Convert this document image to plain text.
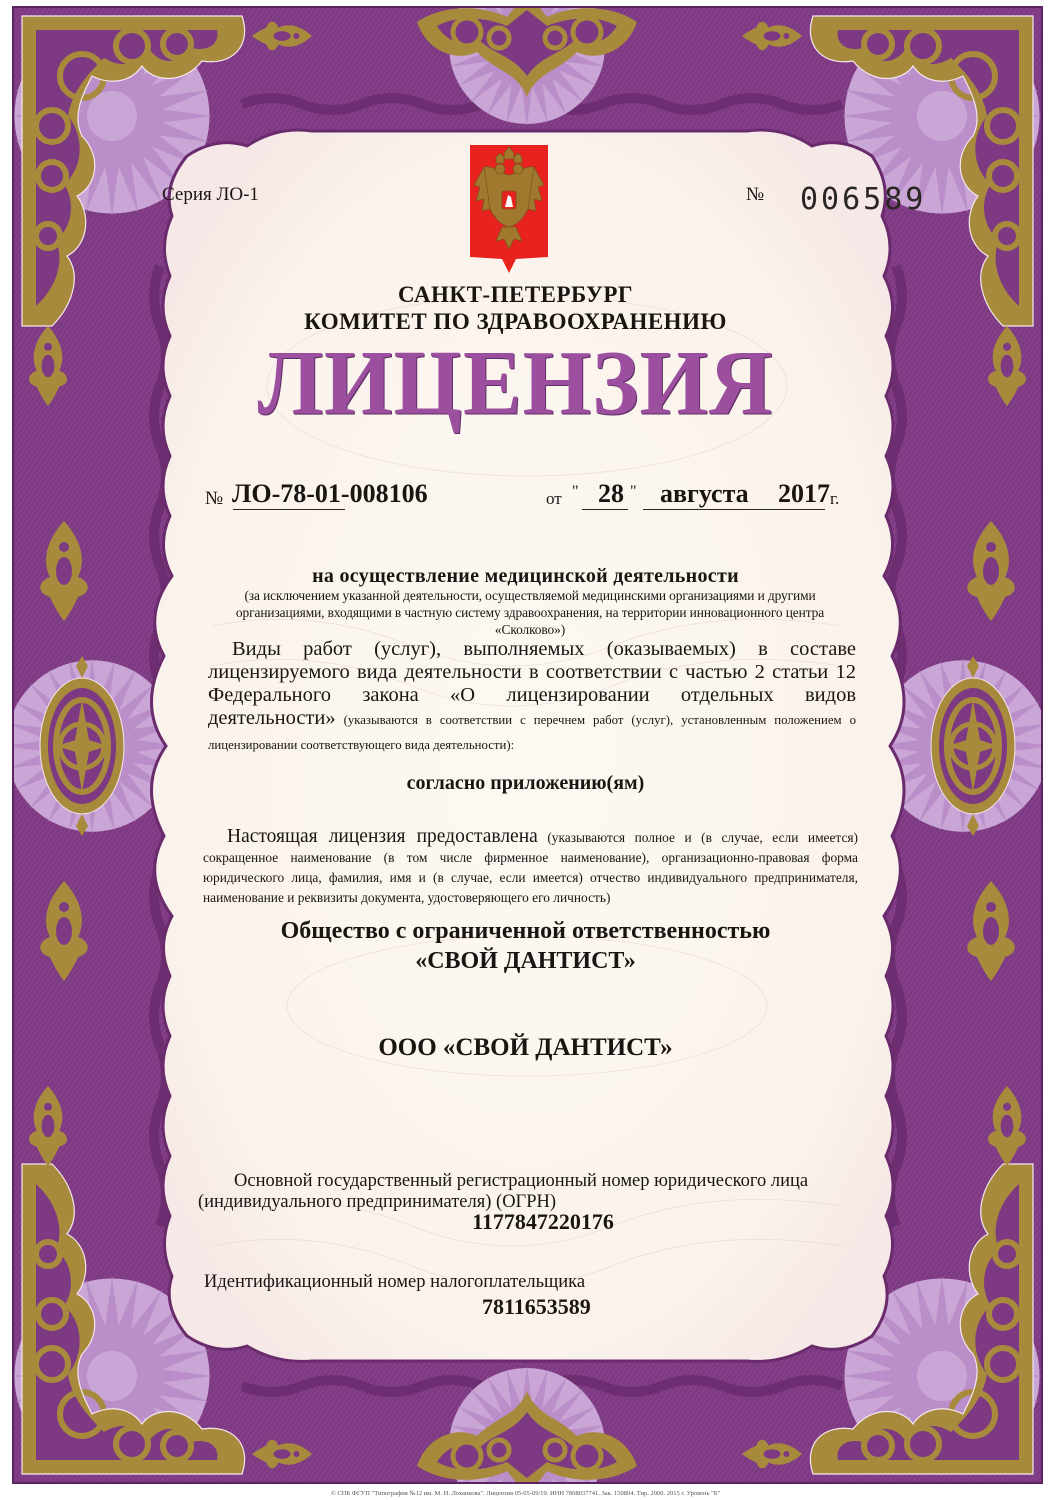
Серия ЛО-1	№ 006589

САНКТ-ПЕТЕРБУРГ

КОМИТЕТ ПО ЗДРАВООХРАНЕНИЮ

ЛИЦЕНЗИЯ

№ ЛО-78-01-008106	от " 28 " августа 2017 г.

на осуществление медицинской деятельности

(за исключением указанной деятельности, осуществляемой медицинскими организациями и другими организациями, входящими в частную систему здравоохранения, на территории инновационного центра «Сколково»)

Виды работ (услуг), выполняемых (оказываемых) в составе лицензируемого вида деятельности в соответствии с частью 2 статьи 12 Федерального закона «О лицензировании отдельных видов деятельности» (указываются в соответствии с перечнем работ (услуг), установленным положением о лицензировании соответствующего вида деятельности):

согласно приложению(ям)

Настоящая лицензия предоставлена (указываются полное и (в случае, если имеется) сокращенное наименование (в том числе фирменное наименование), организационно-правовая форма юридического лица, фамилия, имя и (в случае, если имеется) отчество индивидуального предпринимателя, наименование и реквизиты документа, удостоверяющего его личность)

Общество с ограниченной ответственностью
«СВОЙ ДАНТИСТ»

ООО «СВОЙ ДАНТИСТ»

Основной государственный регистрационный номер юридического лица (индивидуального предпринимателя) (ОГРН)

1177847220176

Идентификационный номер налогоплательщика

7811653589

© СПБ ФГУП "Типография №12 им. М. И. Лоханкова". Лицензия 05-05-09/19. ИНН 7808037741. Зак. 150804. Тир. 2000. 2015 г. Уровень "Б"
